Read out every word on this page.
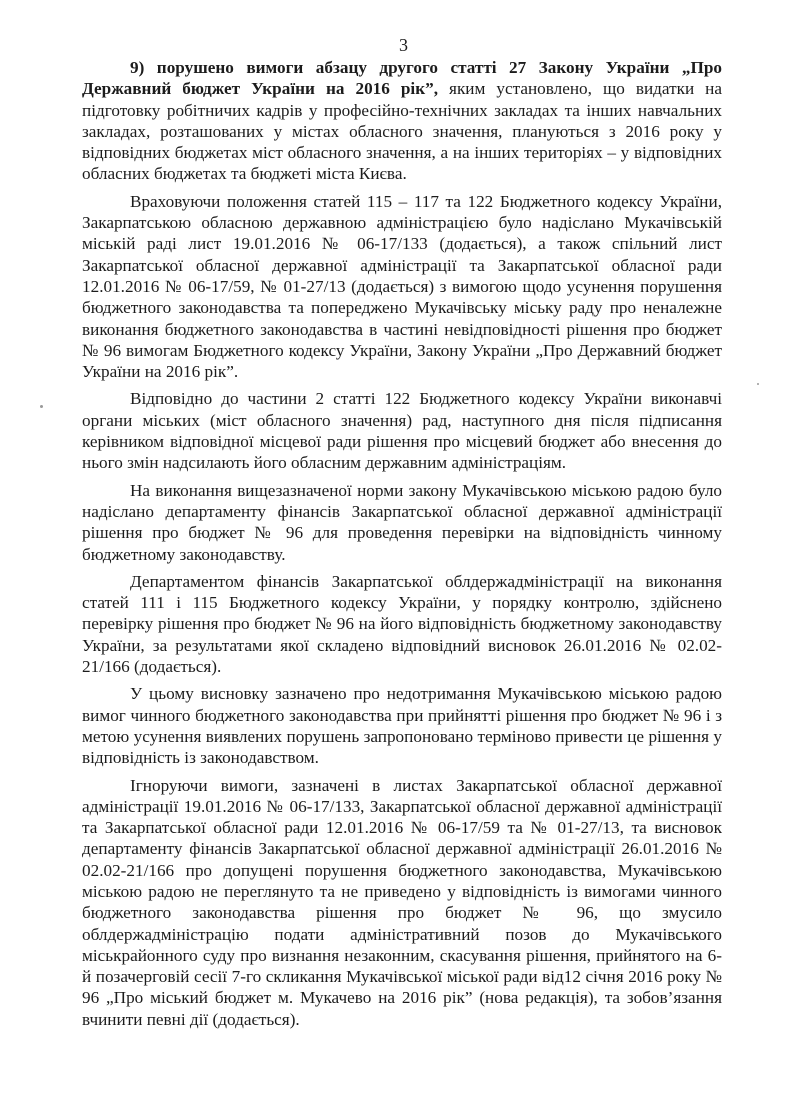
3

9) порушено вимоги абзацу другого статті 27 Закону України „Про Державний бюджет України на 2016 рік”, яким установлено, що видатки на підготовку робітничих кадрів у професійно-технічних закладах та інших навчальних закладах, розташованих у містах обласного значення, плануються з 2016 року у відповідних бюджетах міст обласного значення, а на інших територіях – у відповідних обласних бюджетах та бюджеті міста Києва.

Враховуючи положення статей 115 – 117 та 122 Бюджетного кодексу України, Закарпатською обласною державною адміністрацією було надіслано Мукачівській міській раді лист 19.01.2016 № 06-17/133 (додається), а також спільний лист Закарпатської обласної державної адміністрації та Закарпатської обласної ради 12.01.2016 № 06-17/59, № 01-27/13 (додається) з вимогою щодо усунення порушення бюджетного законодавства та попереджено Мукачівську міську раду про неналежне виконання бюджетного законодавства в частині невідповідності рішення про бюджет № 96 вимогам Бюджетного кодексу України, Закону України „Про Державний бюджет України на 2016 рік”.

Відповідно до частини 2 статті 122 Бюджетного кодексу України виконавчі органи міських (міст обласного значення) рад, наступного дня після підписання керівником відповідної місцевої ради рішення про місцевий бюджет або внесення до нього змін надсилають його обласним державним адміністраціям.

На виконання вищезазначеної норми закону Мукачівською міською радою було надіслано департаменту фінансів Закарпатської обласної державної адміністрації рішення про бюджет № 96 для проведення перевірки на відповідність чинному бюджетному законодавству.

Департаментом фінансів Закарпатської облдержадміністрації на виконання статей 111 і 115 Бюджетного кодексу України, у порядку контролю, здійснено перевірку рішення про бюджет № 96 на його відповідність бюджетному законодавству України, за результатами якої складено відповідний висновок 26.01.2016 № 02.02-21/166 (додається).

У цьому висновку зазначено про недотримання Мукачівською міською радою вимог чинного бюджетного законодавства при прийнятті рішення про бюджет № 96 і з метою усунення виявлених порушень запропоновано терміново привести це рішення у відповідність із законодавством.

Ігноруючи вимоги, зазначені в листах Закарпатської обласної державної адміністрації 19.01.2016 № 06-17/133, Закарпатської обласної державної адміністрації та Закарпатської обласної ради 12.01.2016 № 06-17/59 та № 01-27/13, та висновок департаменту фінансів Закарпатської обласної державної адміністрації 26.01.2016 № 02.02-21/166 про допущені порушення бюджетного законодавства, Мукачівською міською радою не переглянуто та не приведено у відповідність із вимогами чинного бюджетного законодавства рішення про бюджет № 96, що змусило облдержадміністрацію подати адміністративний позов до Мукачівського міськрайонного суду про визнання незаконним, скасування рішення, прийнятого на 6-й позачерговій сесії 7-го скликання Мукачівської міської ради від12 січня 2016 року № 96 „Про міський бюджет м. Мукачево на 2016 рік” (нова редакція), та зобов’язання вчинити певні дії (додається).
